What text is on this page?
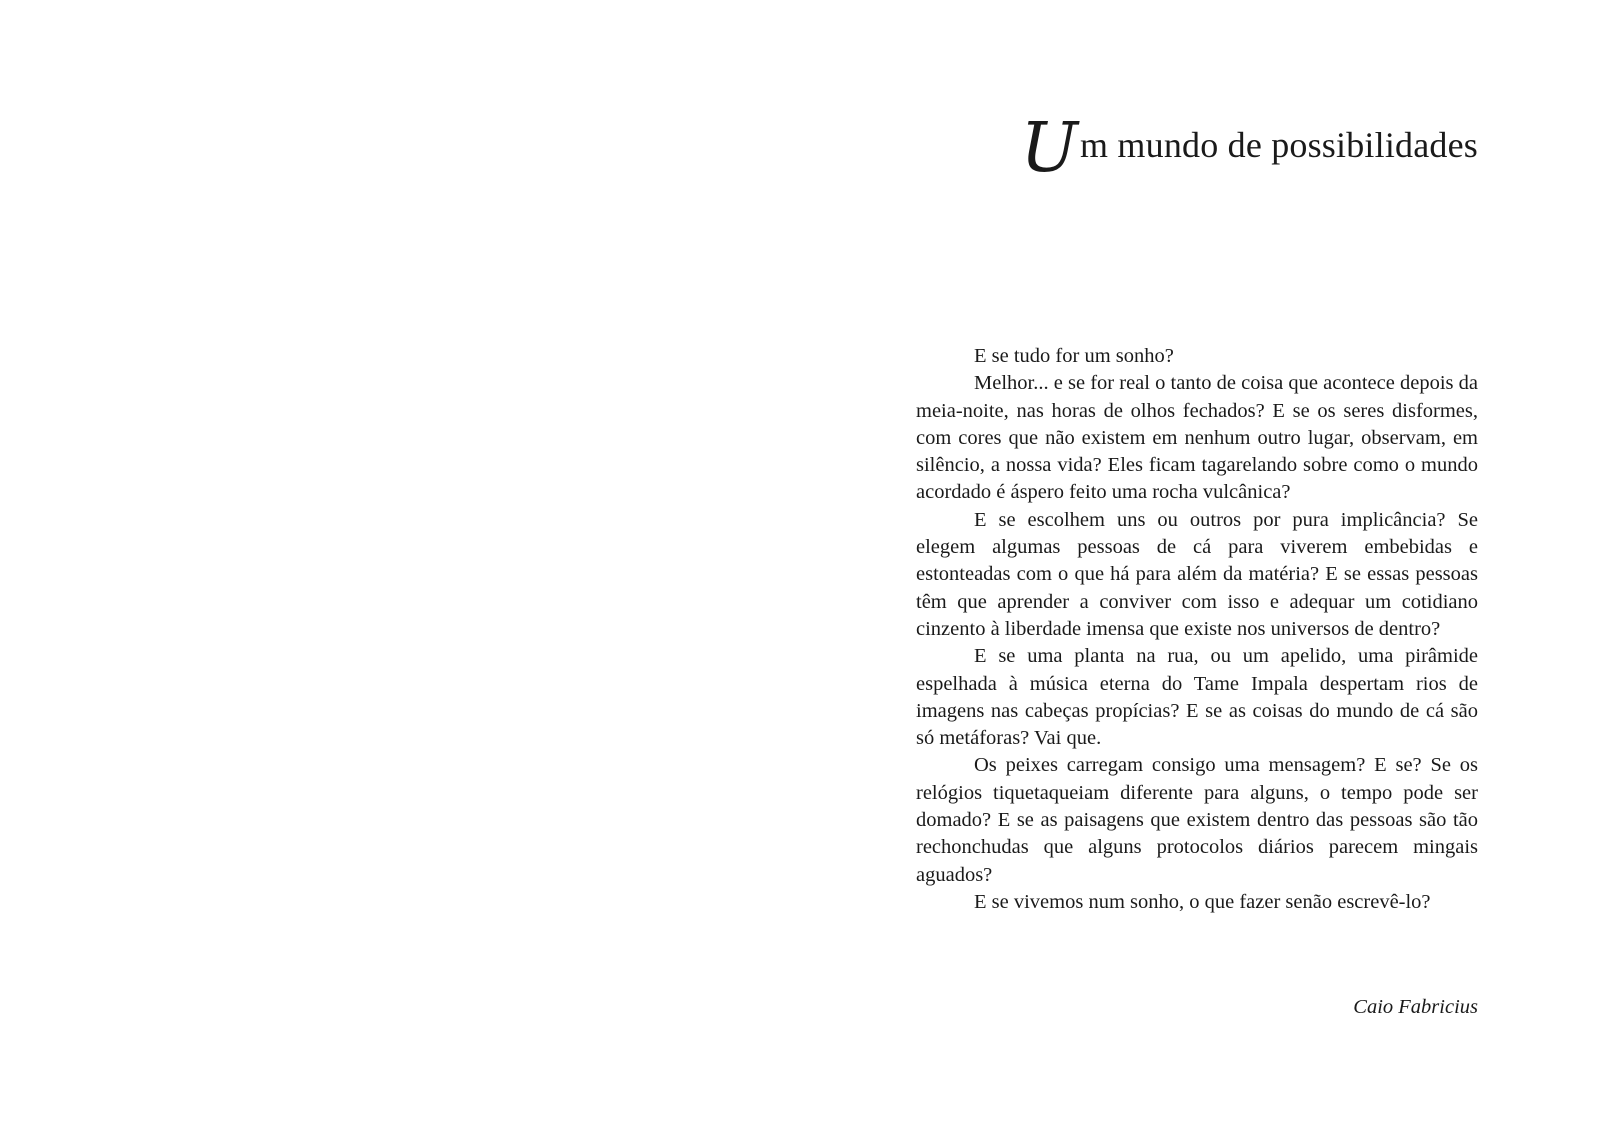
U m mundo de possibilidades

E se tudo for um sonho?

Melhor... e se for real o tanto de coisa que acontece depois da meia-noite, nas horas de olhos fechados? E se os seres disformes, com cores que não existem em nenhum outro lugar, observam, em silêncio, a nossa vida? Eles ficam tagarelando sobre como o mundo acordado é áspero feito uma rocha vulcânica?

E se escolhem uns ou outros por pura implicância? Se elegem algumas pessoas de cá para viverem embebidas e estonteadas com o que há para além da matéria? E se essas pessoas têm que aprender a conviver com isso e adequar um cotidiano cinzento à liberdade imensa que existe nos universos de dentro?

E se uma planta na rua, ou um apelido, uma pirâmide espelhada à música eterna do Tame Impala despertam rios de imagens nas cabeças propícias? E se as coisas do mundo de cá são só metáforas? Vai que.

Os peixes carregam consigo uma mensagem? E se? Se os relógios tiquetaqueiam diferente para alguns, o tempo pode ser domado? E se as paisagens que existem dentro das pessoas são tão rechonchudas que alguns protocolos diários parecem mingais aguados?

E se vivemos num sonho, o que fazer senão escrevê-lo?

Caio Fabricius
